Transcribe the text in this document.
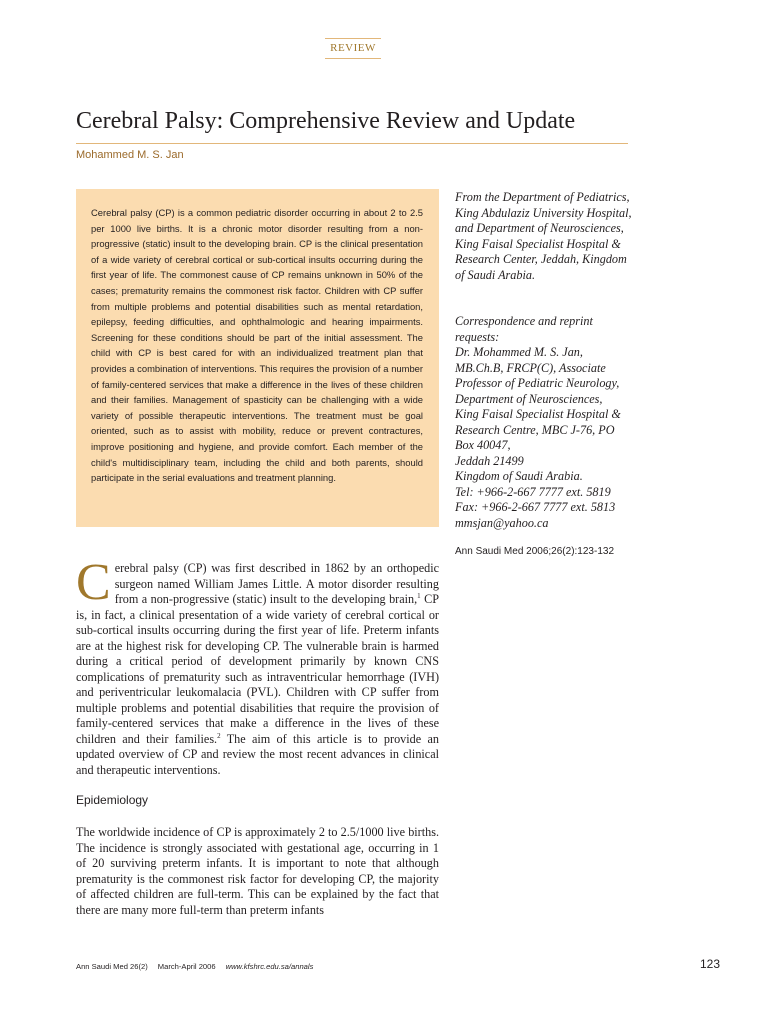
REVIEW
Cerebral Palsy: Comprehensive Review and Update
Mohammed M. S. Jan

Cerebral palsy (CP) is a common pediatric disorder occurring in about 2 to 2.5 per 1000 live births. It is a chronic motor disorder resulting from a non-progressive (static) insult to the developing brain. CP is the clinical presentation of a wide variety of cerebral cortical or sub-cortical insults occurring during the first year of life. The commonest cause of CP remains unknown in 50% of the cases; prematurity remains the commonest risk factor. Children with CP suffer from multiple problems and potential disabilities such as mental retardation, epilepsy, feeding difficulties, and ophthalmologic and hearing impairments. Screening for these conditions should be part of the initial assessment. The child with CP is best cared for with an individualized treatment plan that provides a combination of interventions. This requires the provision of a number of family-centered services that make a difference in the lives of these children and their families. Management of spasticity can be challenging with a wide variety of possible therapeutic interventions. The treatment must be goal oriented, such as to assist with mobility, reduce or prevent contractures, improve positioning and hygiene, and provide comfort. Each member of the child's multidisciplinary team, including the child and both parents, should participate in the serial evaluations and treatment planning.

From the Department of Pediatrics, King Abdulaziz University Hospital, and Department of Neurosciences, King Faisal Specialist Hospital & Research Center, Jeddah, Kingdom of Saudi Arabia.

Correspondence and reprint requests:

Dr. Mohammed M. S. Jan,
MB.Ch.B, FRCP(C), Associate
Professor of Pediatric Neurology,
Department of Neurosciences,
King Faisal Specialist Hospital &
Research Centre, MBC J-76, PO
Box 40047,
Jeddah 21499
Kingdom of Saudi Arabia.
Tel: +966-2-667 7777 ext. 5819
Fax: +966-2-667 7777 ext. 5813
mmsjan@yahoo.ca
Ann Saudi Med 2006;26(2):123-132

Cerebral palsy (CP) was first described in 1862 by an orthopedic surgeon named William James Little. A motor disorder resulting from a non-progressive (static) insult to the developing brain,$^1$ CP is, in fact, a clinical presentation of a wide variety of cerebral cortical or sub-cortical insults occurring during the first year of life. Preterm infants are at the highest risk for developing CP. The vulnerable brain is harmed during a critical period of development primarily by known CNS complications of prematurity such as intraventricular hemorrhage (IVH) and periventricular leukomalacia (PVL). Children with CP suffer from multiple problems and potential disabilities that require the provision of family-centered services that make a difference in the lives of these children and their families.$^2$ The aim of this article is to provide an updated overview of CP and review the most recent advances in clinical and therapeutic interventions.

Epidemiology

The worldwide incidence of CP is approximately 2 to 2.5/1000 live births. The incidence is strongly associated with gestational age, occurring in 1 of 20 surviving preterm infants. It is important to note that although prematurity is the commonest risk factor for developing CP, the majority of affected children are full-term. This can be explained by the fact that there are many more full-term than preterm infants

Ann Saudi Med 26(2) March-April 2006 www.kfshrc.edu.sa/annals	123
